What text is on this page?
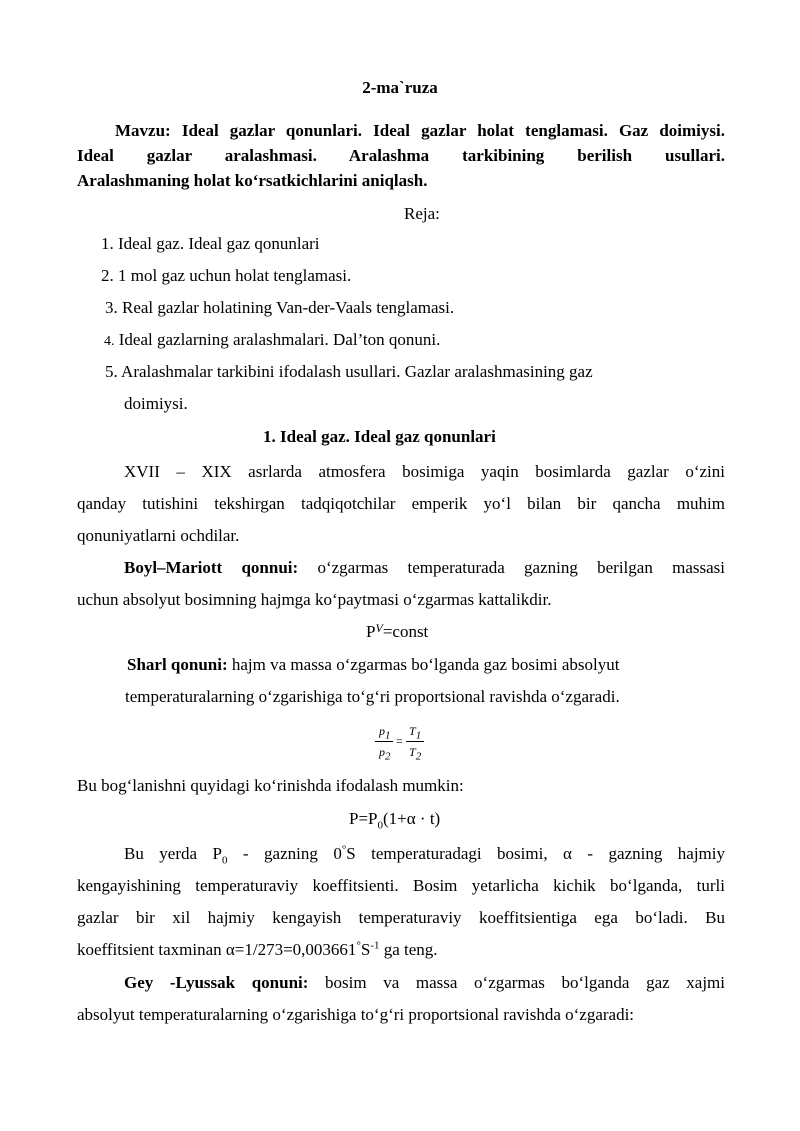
2-ma`ruza
Mavzu: Ideal gazlar qonunlari. Ideal gazlar holat tenglamasi. Gaz doimiysi.
Ideal gazlar aralashmasi. Aralashma tarkibining berilish usullari.
Aralashmaning holat ko‘rsatkichlarini aniqlash.
Reja:
1. Ideal gaz. Ideal gaz qonunlari
2. 1 mol gaz uchun holat tenglamasi.
3. Real gazlar holatining Van-der-Vaals tenglamasi.
4. Ideal gazlarning aralashmalari. Dal’ton qonuni.
5. Aralashmalar tarkibini ifodalash usullari. Gazlar aralashmasining gaz
doimiysi.
1. Ideal gaz. Ideal gaz qonunlari
XVII – XIX asrlarda atmosfera bosimiga yaqin bosimlarda gazlar o‘zini
qanday tutishini tekshirgan tadqiqotchilar emperik yo‘l bilan bir qancha muhim
qonuniyatlarni ochdilar.
Boyl–Mariott qonnui: o‘zgarmas temperaturada gazning berilgan massasi
uchun absolyut bosimning hajmga ko‘paytmasi o‘zgarmas kattalikdir.
$P^V=const$
Sharl qonuni: hajm va massa o‘zgarmas bo‘lganda gaz bosimi absolyut
temperaturalarning o‘zgarishiga to‘g‘ri proportsional ravishda o‘zgaradi.
$p_1$
$p_2$
=
$T_1$
$T_2$
Bu bog‘lanishni quyidagi ko‘rinishda ifodalash mumkin:
$P=P_0(1+\alpha \cdot t)$
Bu yerda $P_0$ - gazning 0°S temperaturadagi bosimi, α - gazning hajmiy
kengayishining temperaturaviy koeffitsienti. Bosim yetarlicha kichik bo‘lganda, turli
gazlar bir xil hajmiy kengayish temperaturaviy koeffitsientiga ega bo‘ladi. Bu
koeffitsient taxminan $\alpha=1/273=0,003661^\circ S^{-1}$ ga teng.
Gey -Lyussak qonuni: bosim va massa o‘zgarmas bo‘lganda gaz xajmi
absolyut temperaturalarning o‘zgarishiga to‘g‘ri proportsional ravishda o‘zgaradi:
